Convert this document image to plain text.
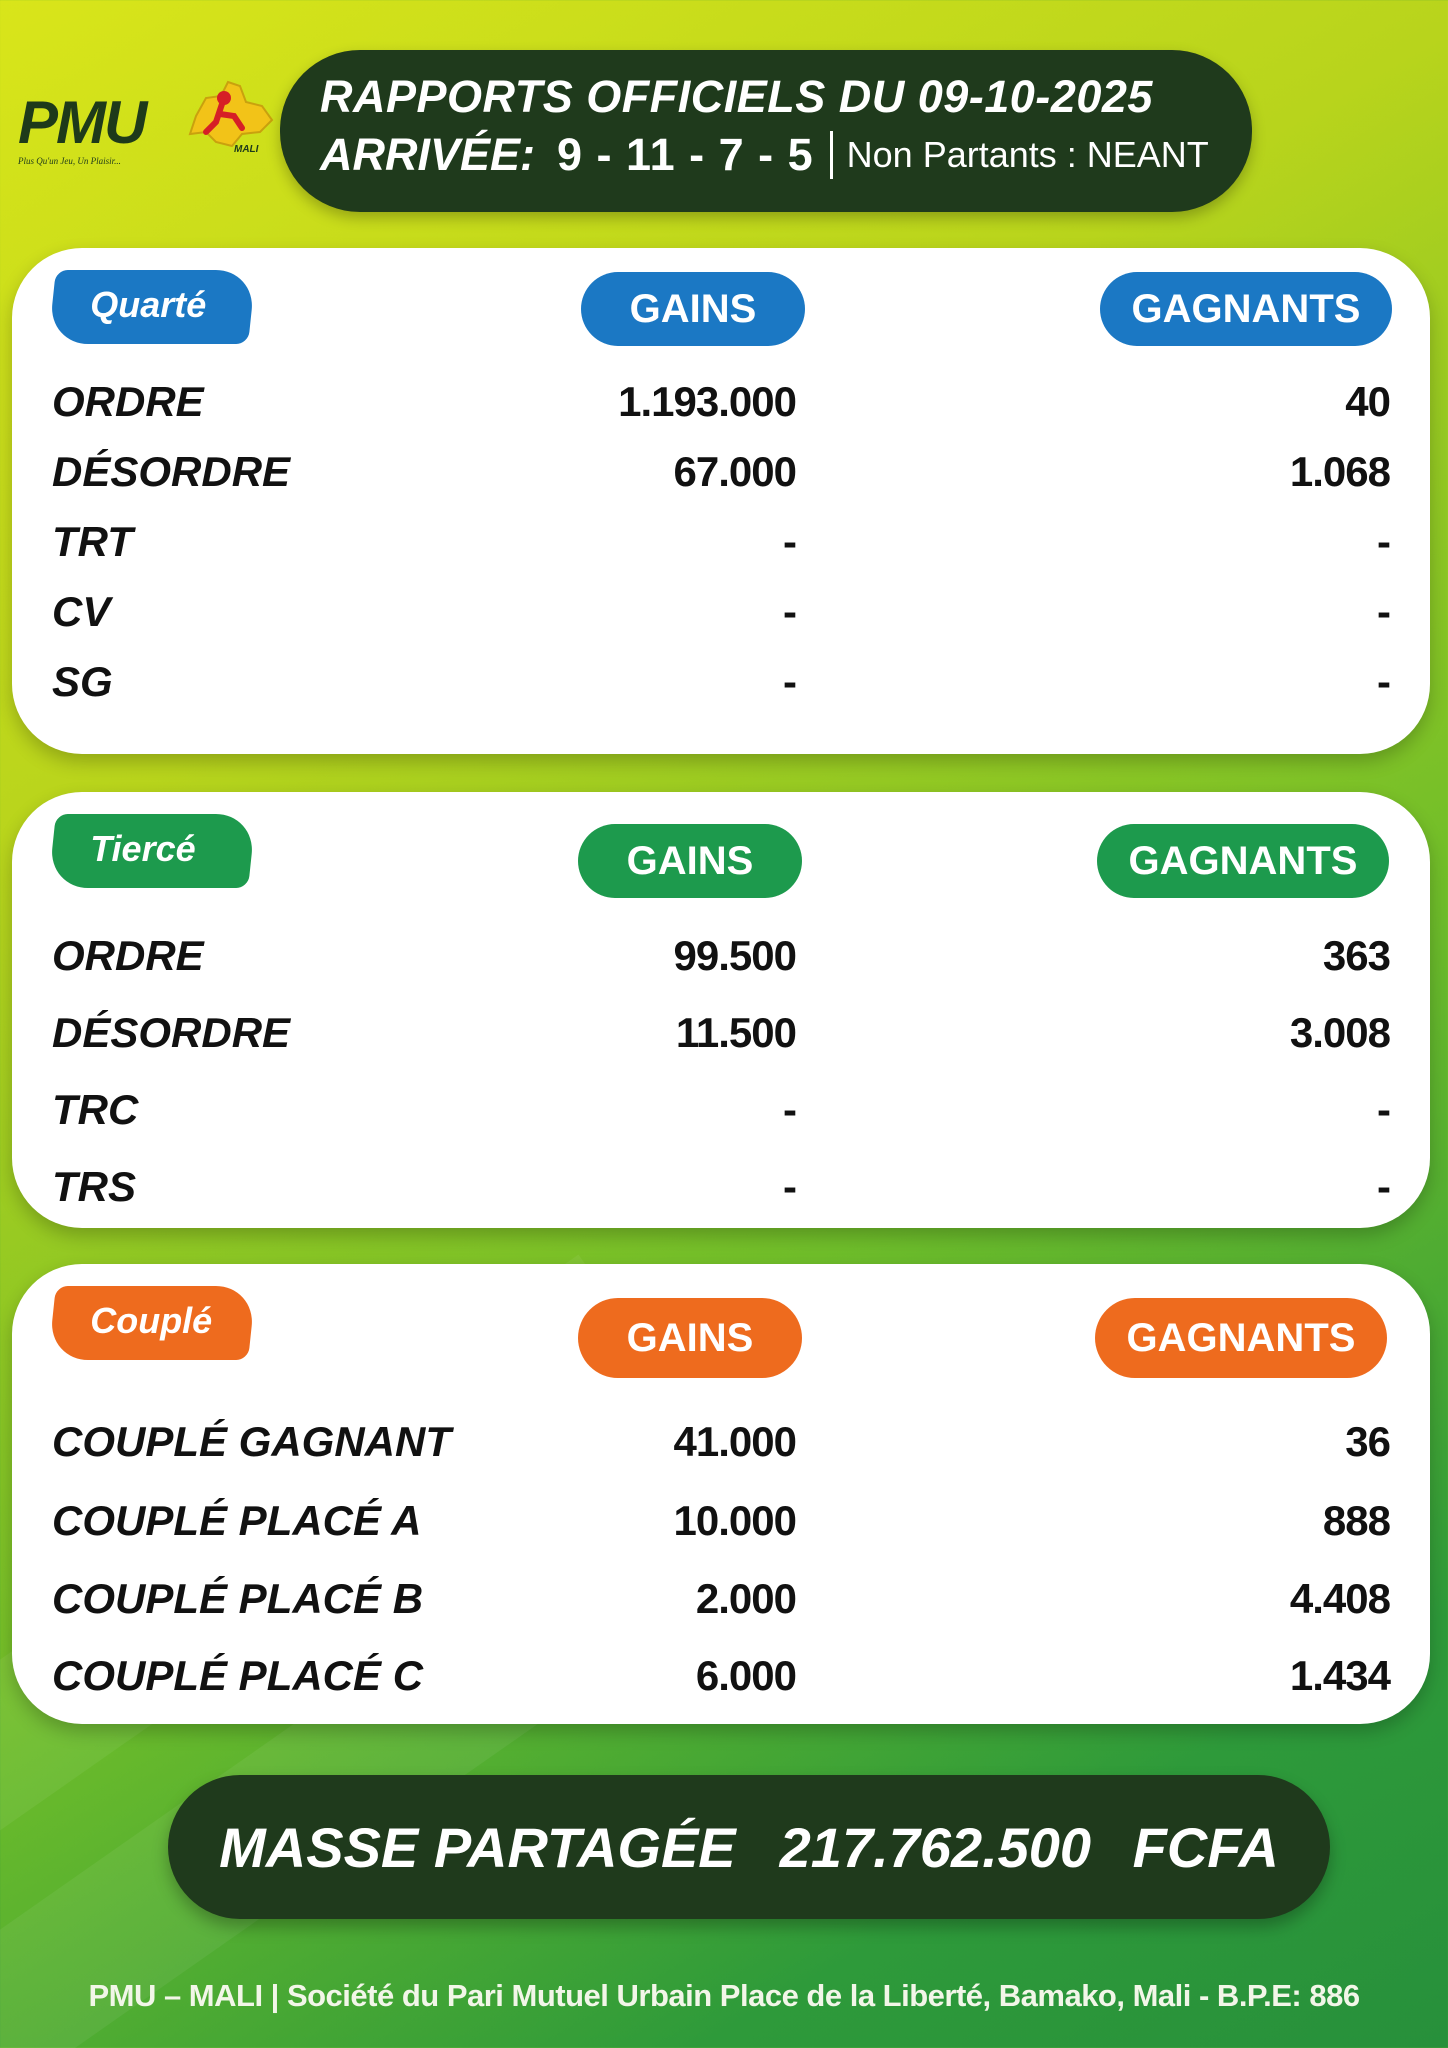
PMU	MALI
Plus Qu'un Jeu, Un Plaisir...
RAPPORTS OFFICIELS DU 09-10-2025
ARRIVÉE: 9 - 11 - 7 - 5 Non Partants : NEANT
Quarté	GAINS	GAGNANTS
ORDRE	1.193.000	40
DÉSORDRE	67.000	1.068
TRT	-	-
CV	-	-
SG	-	-
Tiercé	GAINS	GAGNANTS
ORDRE	99.500	363
DÉSORDRE	11.500	3.008
TRC	-	-
TRS	-	-
Couplé	GAINS	GAGNANTS
COUPLÉ GAGNANT	41.000	36
COUPLÉ PLACÉ A	10.000	888
COUPLÉ PLACÉ B	2.000	4.408
COUPLÉ PLACÉ C	6.000	1.434
MASSE PARTAGÉE 217.762.500 FCFA
PMU – MALI | Société du Pari Mutuel Urbain Place de la Liberté, Bamako, Mali - B.P.E: 886
